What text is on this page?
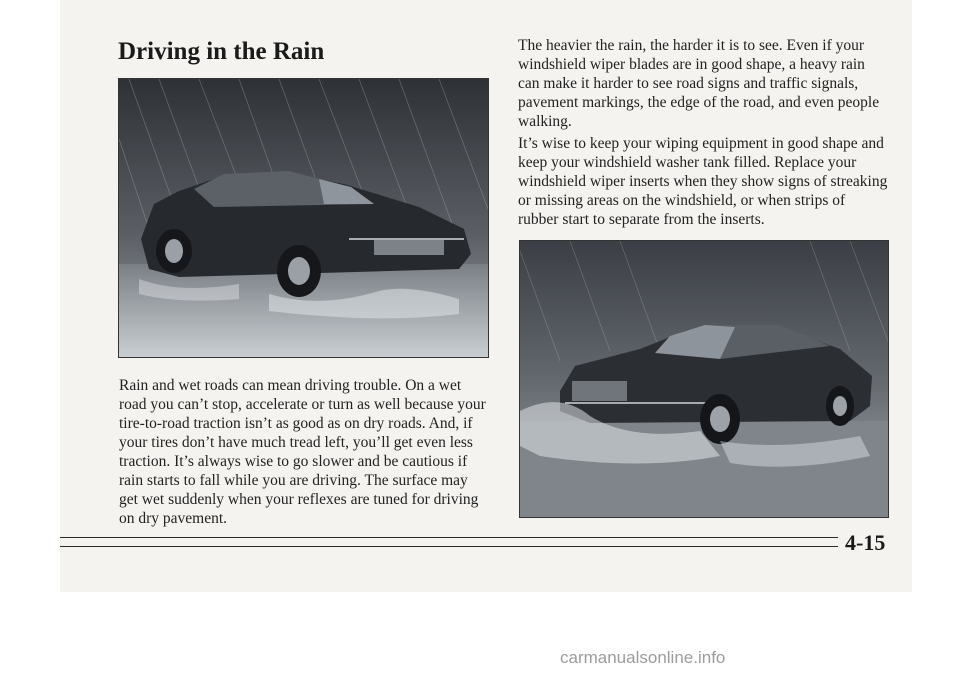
Driving in the Rain	The heavier the rain, the harder it is to see. Even if your windshield wiper blades are in good shape, a heavy rain can make it harder to see road signs and traffic signals, pavement markings, the edge of the road, and even people walking.

It’s wise to keep your wiping equipment in good shape and keep your windshield washer tank filled. Replace your windshield wiper inserts when they show signs of streaking or missing areas on the windshield, or when strips of rubber start to separate from the inserts.

Rain and wet roads can mean driving trouble. On a wet road you can’t stop, accelerate or turn as well because your tire-to-road traction isn’t as good as on dry roads. And, if your tires don’t have much tread left, you’ll get even less traction. It’s always wise to go slower and be cautious if rain starts to fall while you are driving. The surface may get wet suddenly when your reflexes are tuned for driving on dry pavement.

4-15
carmanualsonline.info
